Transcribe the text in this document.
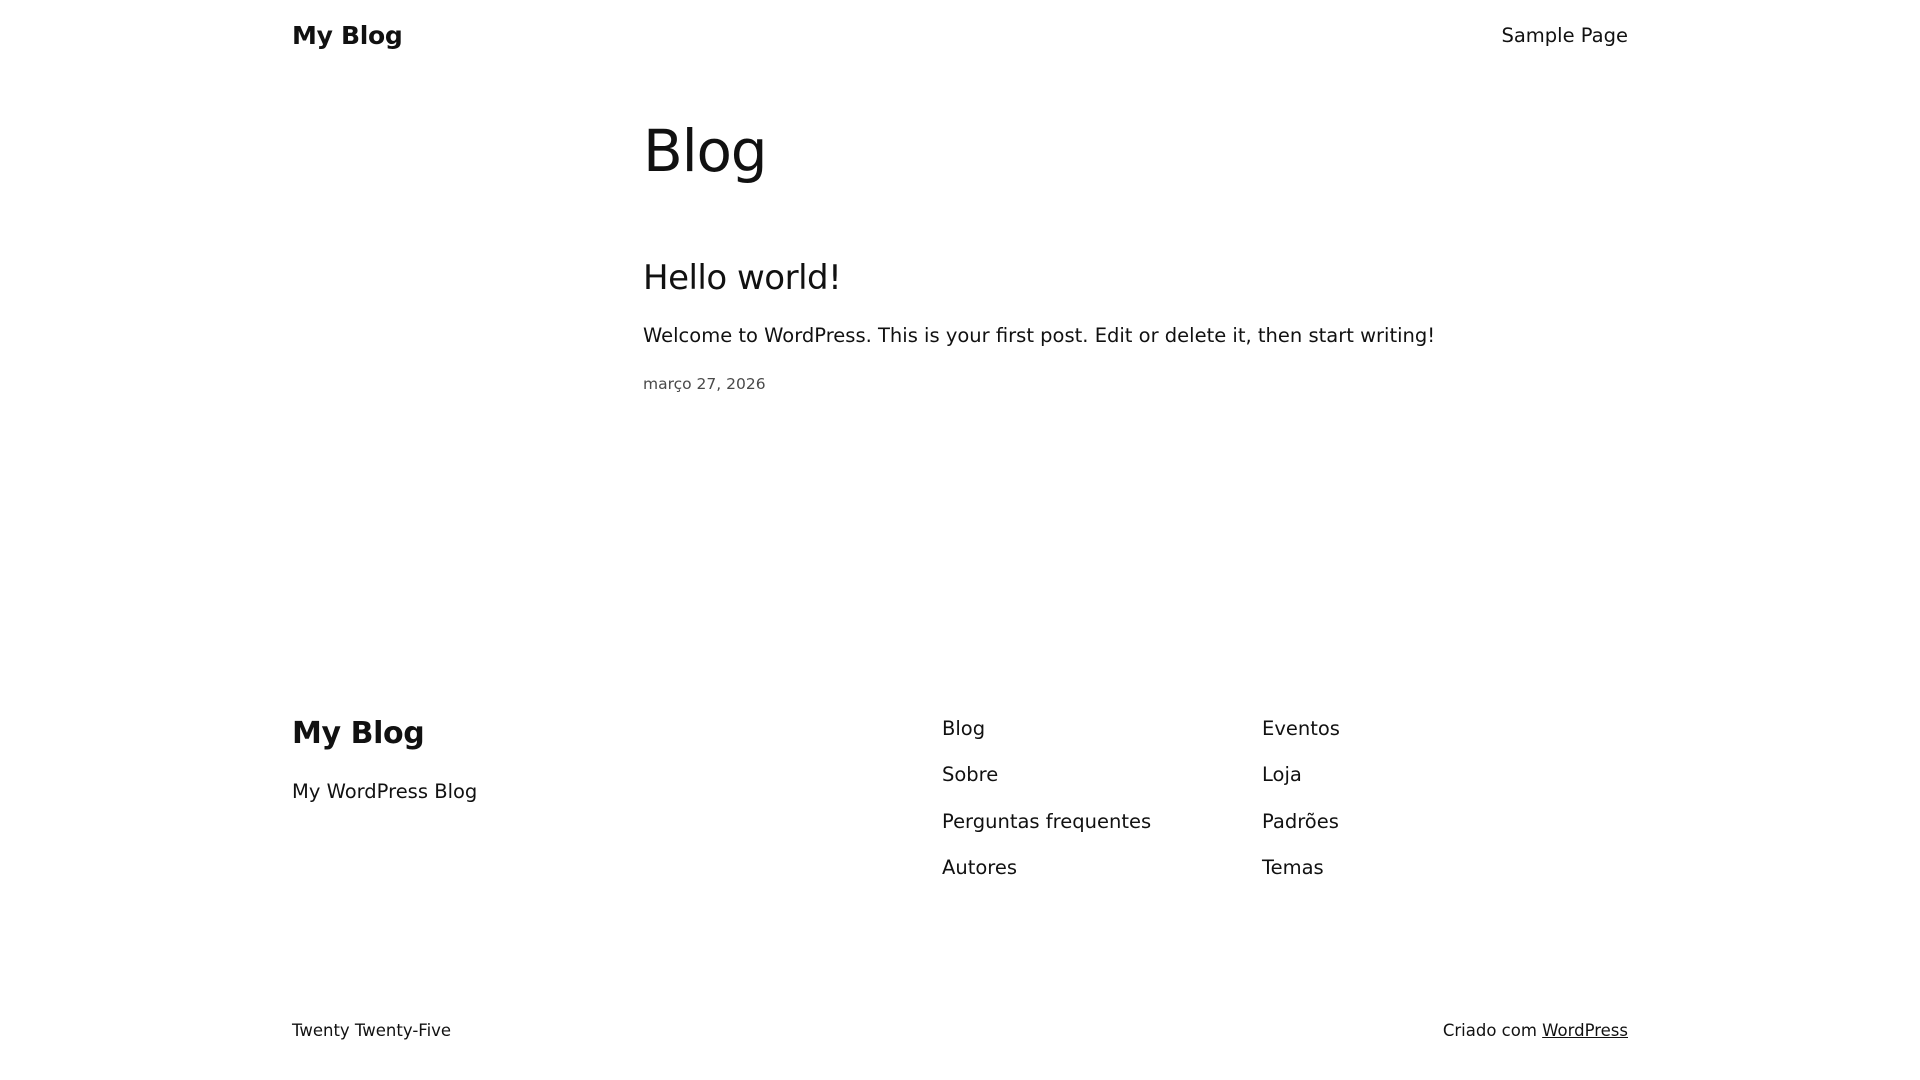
My Blog	Sample Page
Blog
Hello world!

Welcome to WordPress. This is your first post. Edit or delete it, then start writing!

março 27, 2026

My Blog

My WordPress Blog

Blog
Sobre
Perguntas frequentes
Autores
Eventos
Loja
Padrões
Temas
Twenty Twenty-Five	Criado com WordPress
